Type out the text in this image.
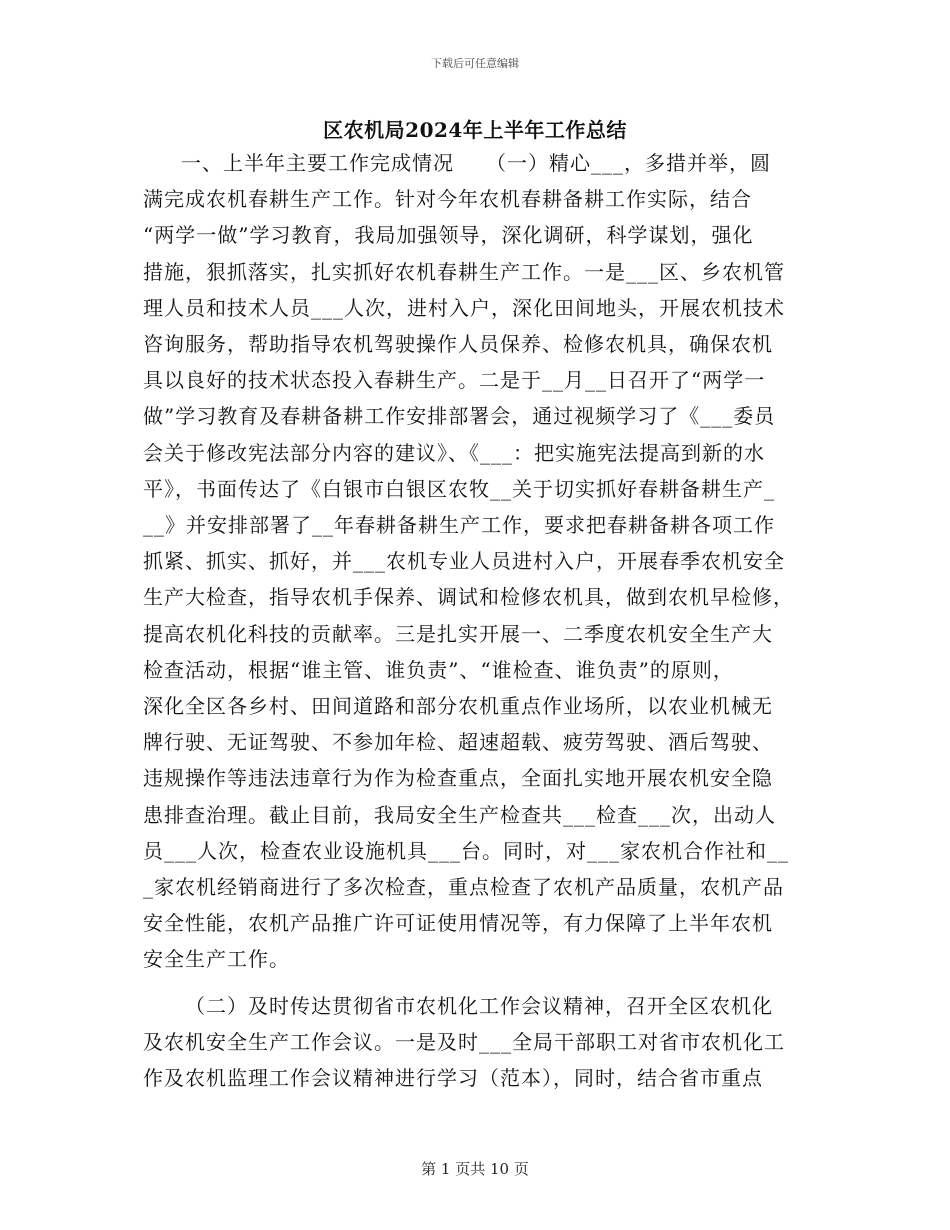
下载后可任意编辑
区农机局2024年上半年工作总结
一、上半年主要工作完成情况　　（一）精心___，多措并举，圆
满完成农机春耕生产工作。针对今年农机春耕备耕工作实际，结合
“两学一做”学习教育，我局加强领导，深化调研，科学谋划，强化
措施，狠抓落实，扎实抓好农机春耕生产工作。一是___区、乡农机管
理人员和技术人员___人次，进村入户，深化田间地头，开展农机技术
咨询服务，帮助指导农机驾驶操作人员保养、检修农机具，确保农机
具以良好的技术状态投入春耕生产。二是于__月__日召开了“两学一
做”学习教育及春耕备耕工作安排部署会，通过视频学习了《___委员
会关于修改宪法部分内容的建议》、《___：把实施宪法提高到新的水
平》，书面传达了《白银市白银区农牧__关于切实抓好春耕备耕生产_
__》并安排部署了__年春耕备耕生产工作，要求把春耕备耕各项工作
抓紧、抓实、抓好，并___农机专业人员进村入户，开展春季农机安全
生产大检查，指导农机手保养、调试和检修农机具，做到农机早检修，
提高农机化科技的贡献率。三是扎实开展一、二季度农机安全生产大
检查活动，根据“谁主管、谁负责”、“谁检查、谁负责”的原则，
深化全区各乡村、田间道路和部分农机重点作业场所，以农业机械无
牌行驶、无证驾驶、不参加年检、超速超载、疲劳驾驶、酒后驾驶、
违规操作等违法违章行为作为检查重点，全面扎实地开展农机安全隐
患排查治理。截止目前，我局安全生产检查共___检查___次，出动人
员___人次，检查农业设施机具___台。同时，对___家农机合作社和__
_家农机经销商进行了多次检查，重点检查了农机产品质量，农机产品
安全性能，农机产品推广许可证使用情况等，有力保障了上半年农机
安全生产工作。
（二）及时传达贯彻省市农机化工作会议精神，召开全区农机化
及农机安全生产工作会议。一是及时___全局干部职工对省市农机化工
作及农机监理工作会议精神进行学习（范本），同时，结合省市重点
第 1 页共 10 页
